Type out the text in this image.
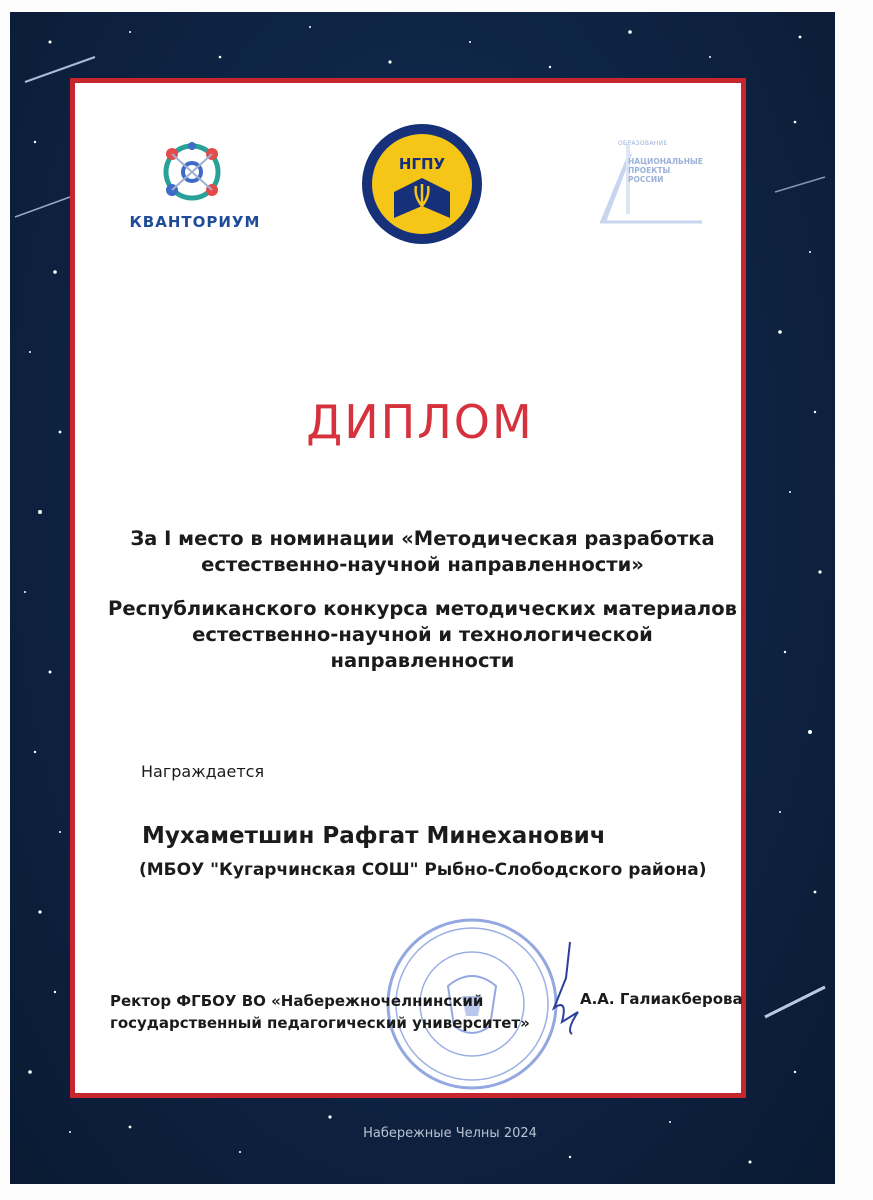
КВАНТОРИУМ
НГПУ
ОБРАЗОВАНИЕ
НАЦИОНАЛЬНЫЕ ПРОЕКТЫ РОССИИ
ДИПЛОМ
За I место в номинации «Методическая разработка
естественно-научной направленности»
Республиканского конкурса методических материалов
естественно-научной и технологической
направленности
Награждается
Мухаметшин Рафгат Минеханович
(МБОУ "Кугарчинская СОШ" Рыбно-Слободского района)
Ректор ФГБОУ ВО «Набережночелнинский
государственный педагогический университет»
А.А. Галиакберова
Набережные Челны 2024
